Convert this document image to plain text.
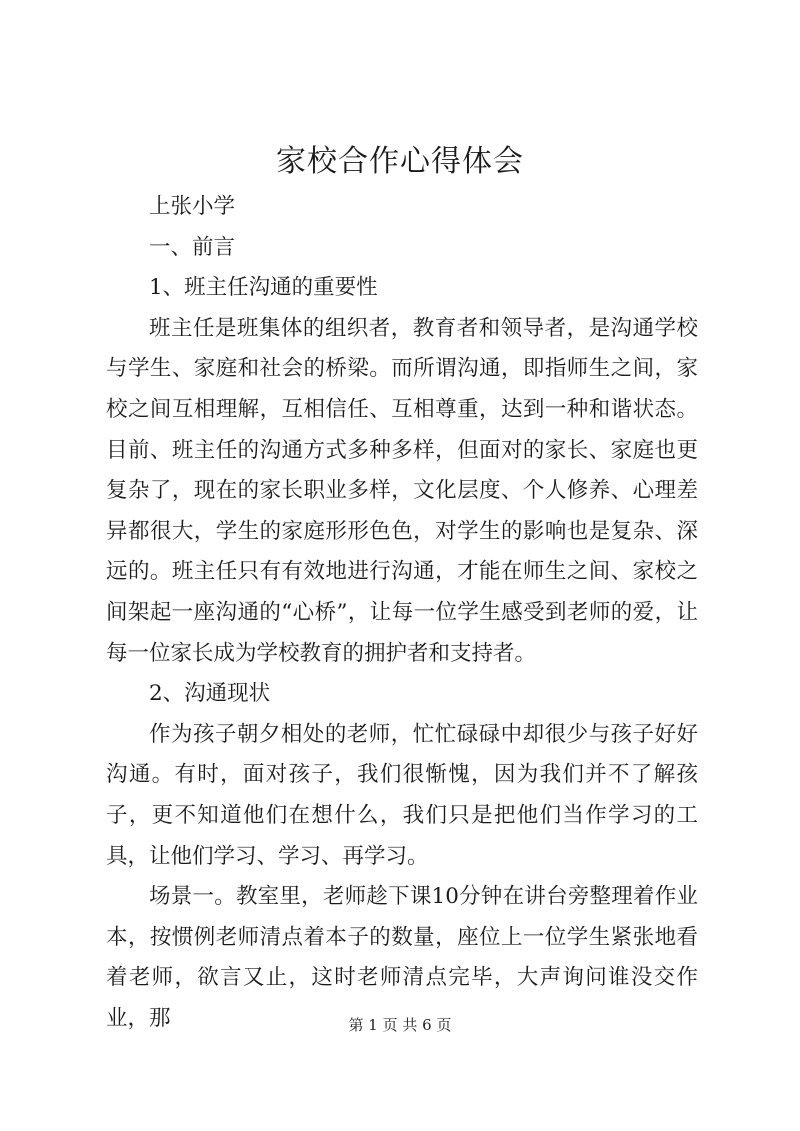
家校合作心得体会

上张小学

一、前言

1、班主任沟通的重要性

班主任是班集体的组织者，教育者和领导者，是沟通学校与学生、家庭和社会的桥梁。而所谓沟通，即指师生之间，家校之间互相理解，互相信任、互相尊重，达到一种和谐状态。目前、班主任的沟通方式多种多样，但面对的家长、家庭也更复杂了，现在的家长职业多样，文化层度、个人修养、心理差异都很大，学生的家庭形形色色，对学生的影响也是复杂、深远的。班主任只有有效地进行沟通，才能在师生之间、家校之间架起一座沟通的“心桥”，让每一位学生感受到老师的爱，让每一位家长成为学校教育的拥护者和支持者。

2、沟通现状

作为孩子朝夕相处的老师，忙忙碌碌中却很少与孩子好好沟通。有时，面对孩子，我们很惭愧，因为我们并不了解孩子，更不知道他们在想什么，我们只是把他们当作学习的工具，让他们学习、学习、再学习。

场景一。教室里，老师趁下课10分钟在讲台旁整理着作业本，按惯例老师清点着本子的数量，座位上一位学生紧张地看着老师，欲言又止，这时老师清点完毕，大声询问谁没交作业，那	第 1 页 共 6 页
